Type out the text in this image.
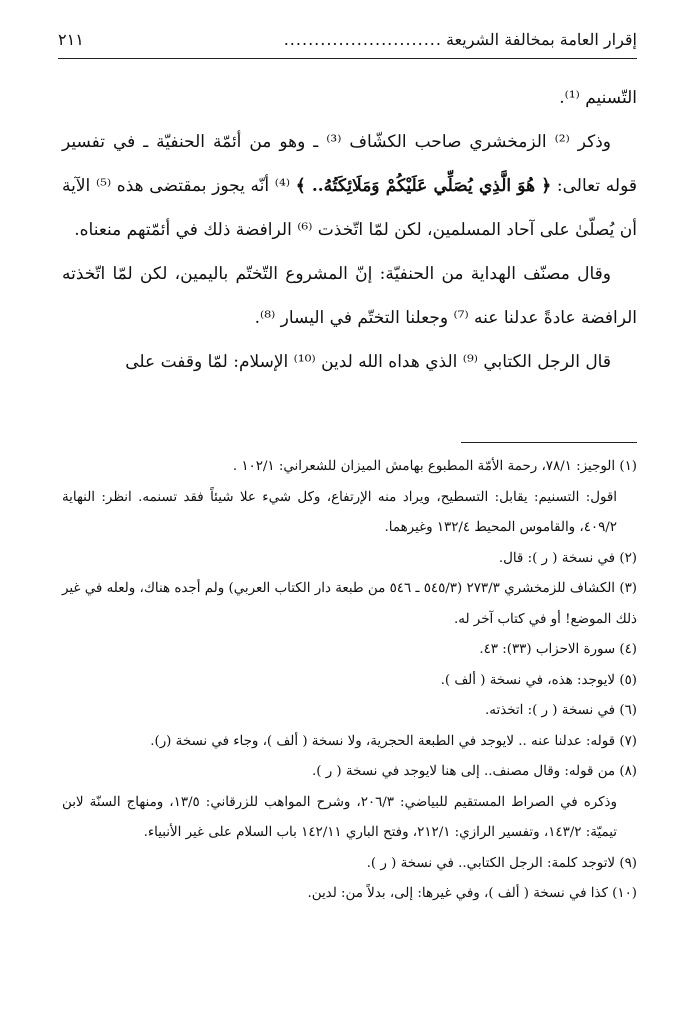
إقرار العامة بمخالفة الشريعة
..........................
٢١١

التّسنيم ⁽¹⁾.

وذكر ⁽²⁾ الزمخشري صاحب الكشّاف ⁽³⁾ ـ وهو من أئمّة الحنفيّة ـ في تفسير قوله تعالى: ﴿ هُوَ الَّذِي يُصَلِّي عَلَيْكُمْ وَمَلَائِكَتُهُ.. ﴾ ⁽⁴⁾ أنّه يجوز بمقتضى هذه ⁽⁵⁾ الآية أن يُصلّىٰ على آحاد المسلمين، لكن لمّا اتّخذت ⁽⁶⁾ الرافضة ذلك في أئمّتهم منعناه.

وقال مصنّف الهداية من الحنفيّة: إنّ المشروع التّختّم باليمين، لكن لمّا اتّخذته الرافضة عادةً عدلنا عنه ⁽⁷⁾ وجعلنا التختّم في اليسار ⁽⁸⁾.

قال الرجل الكتابي ⁽⁹⁾ الذي هداه الله لدين ⁽¹⁰⁾ الإسلام: لمّا وقفت على

(١) الوجيز: ٧٨/١، رحمة الأمّة المطبوع بهامش الميزان للشعراني: ١٠٢/١ .

اقول: التسنيم: يقابل: التسطيح، ويراد منه الإرتفاع، وكل شيء علا شيئاً فقد تسنمه. انظر: النهاية ٤٠٩/٢، والقاموس المحيط ١٣٢/٤ وغيرهما.

(٢) في نسخة ( ر ): قال.

(٣) الكشاف للزمخشري ٢٧٣/٣ (٥٤٥/٣ ـ ٥٤٦ من طبعة دار الكتاب العربي) ولم أجده هناك، ولعله في غير ذلك الموضع! أو في كتاب آخر له.

(٤) سورة الاحزاب (٣٣): ٤٣.

(٥) لايوجد: هذه، في نسخة ( ألف ).

(٦) في نسخة ( ر ): اتخذته.

(٧) قوله: عدلنا عنه .. لايوجد في الطبعة الحجرية، ولا نسخة ( ألف )، وجاء في نسخة (ر).

(٨) من قوله: وقال مصنف.. إلى هنا لايوجد في نسخة ( ر ).

وذكره في الصراط المستقيم للبياضي: ٢٠٦/٣، وشرح المواهب للزرقاني: ١٣/٥، ومنهاج السنّة لابن تيميّة: ١٤٣/٢، وتفسير الرازي: ٢١٢/١، وفتح الباري ١٤٢/١١ باب السلام على غير الأنبياء.

(٩) لاتوجد كلمة: الرجل الكتابي.. في نسخة ( ر ).

(١٠) كذا في نسخة ( ألف )، وفي غيرها: إلى، بدلاً من: لدين.
